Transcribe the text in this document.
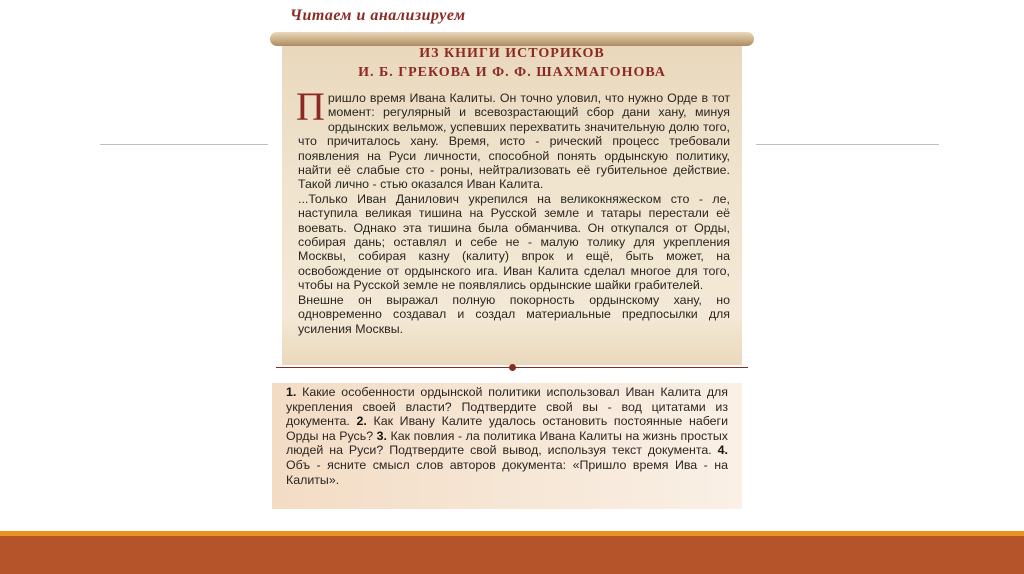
Читаем и анализируем
ИЗ КНИГИ ИСТОРИКОВ
И. Б. ГРЕКОВА И Ф. Ф. ШАХМАГОНОВА

Пришло время Ивана Калиты. Он точно уловил, что нужно Орде в тот момент: регулярный и всевозрастающий сбор дани хану, минуя ордынских вельмож, успевших перехватить значительную долю того, что причиталось хану. Время, исто - рический процесс требовали появления на Руси личности, способной понять ордынскую политику, найти её слабые сто - роны, нейтрализовать её губительное действие. Такой лично - стью оказался Иван Калита.

...Только Иван Данилович укрепился на великокняжеском сто - ле, наступила великая тишина на Русской земле и татары перестали её воевать. Однако эта тишина была обманчива. Он откупался от Орды, собирая дань; оставлял и себе не - малую толику для укрепления Москвы, собирая казну (калиту) впрок и ещё, быть может, на освобождение от ордынского ига. Иван Калита сделал многое для того, чтобы на Русской земле не появлялись ордынские шайки грабителей.

Внешне он выражал полную покорность ордынскому хану, но одновременно создавал и создал материальные предпосылки для усиления Москвы.

1. Какие особенности ордынской политики использовал Иван Калита для укрепления своей власти? Подтвердите свой вы - вод цитатами из документа. 2. Как Ивану Калите удалось остановить постоянные набеги Орды на Русь? 3. Как повлия - ла политика Ивана Калиты на жизнь простых людей на Руси? Подтвердите свой вывод, используя текст документа. 4. Объ - ясните смысл слов авторов документа: «Пришло время Ива - на Калиты».
